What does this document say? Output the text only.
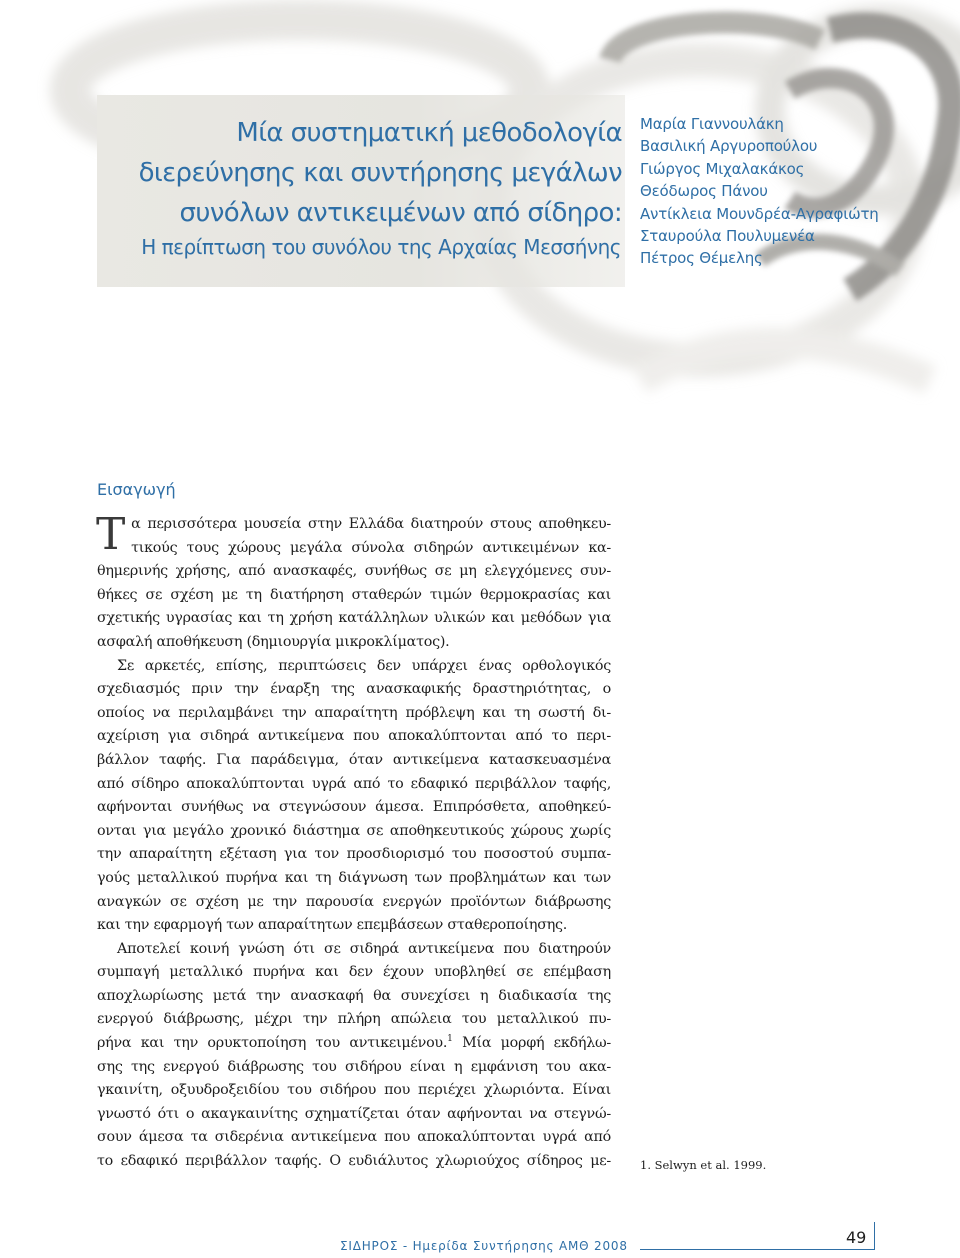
Μία συστηματική μεθοδολογία
διερεύνησης και συντήρησης μεγάλων
συνόλων αντικειμένων από σίδηρο:
Η περίπτωση του συνόλου της Αρχαίας Μεσσήνης
Μαρία Γιαννουλάκη
Βασιλική Αργυροπούλου
Γιώργος Μιχαλακάκος
Θεόδωρος Πάνου
Αντίκλεια Μουνδρέα-Αγραφιώτη
Σταυρούλα Πουλυμενέα
Πέτρος Θέμελης
Εισαγωγή
Τ α περισσότερα μουσεία στην Ελλάδα διατηρούν στους αποθηκευ-
τικούς τους χώρους μεγάλα σύνολα σιδηρών αντικειμένων κα-
θημερινής χρήσης, από ανασκαφές, συνήθως σε μη ελεγχόμενες συν-
θήκες σε σχέση με τη διατήρηση σταθερών τιμών θερμοκρασίας και
σχετικής υγρασίας και τη χρήση κατάλληλων υλικών και μεθόδων για
ασφαλή αποθήκευση (δημιουργία μικροκλίματος).
Σε αρκετές, επίσης, περιπτώσεις δεν υπάρχει ένας ορθολογικός
σχεδιασμός πριν την έναρξη της ανασκαφικής δραστηριότητας, ο
οποίος να περιλαμβάνει την απαραίτητη πρόβλεψη και τη σωστή δι-
αχείριση για σιδηρά αντικείμενα που αποκαλύπτονται από το περι-
βάλλον ταφής. Για παράδειγμα, όταν αντικείμενα κατασκευασμένα
από σίδηρο αποκαλύπτονται υγρά από το εδαφικό περιβάλλον ταφής,
αφήνονται συνήθως να στεγνώσουν άμεσα. Επιπρόσθετα, αποθηκεύ-
ονται για μεγάλο χρονικό διάστημα σε αποθηκευτικούς χώρους χωρίς
την απαραίτητη εξέταση για τον προσδιορισμό του ποσοστού συμπα-
γούς μεταλλικού πυρήνα και τη διάγνωση των προβλημάτων και των
αναγκών σε σχέση με την παρουσία ενεργών προϊόντων διάβρωσης
και την εφαρμογή των απαραίτητων επεμβάσεων σταθεροποίησης.
Αποτελεί κοινή γνώση ότι σε σιδηρά αντικείμενα που διατηρούν
συμπαγή μεταλλικό πυρήνα και δεν έχουν υποβληθεί σε επέμβαση
αποχλωρίωσης μετά την ανασκαφή θα συνεχίσει η διαδικασία της
ενεργού διάβρωσης, μέχρι την πλήρη απώλεια του μεταλλικού πυ-
ρήνα και την ορυκτοποίηση του αντικειμένου.$^1$ Μία μορφή εκδήλω-
σης της ενεργού διάβρωσης του σιδήρου είναι η εμφάνιση του ακα-
γκαινίτη, οξυυδροξειδίου του σιδήρου που περιέχει χλωριόντα. Είναι
γνωστό ότι ο ακαγκαινίτης σχηματίζεται όταν αφήνονται να στεγνώ-
σουν άμεσα τα σιδερένια αντικείμενα που αποκαλύπτονται υγρά από
το εδαφικό περιβάλλον ταφής. Ο ευδιάλυτος χλωριούχος σίδηρος με-	1. Selwyn et al. 1999.
ΣΙΔΗΡΟΣ - Ημερίδα Συντήρησης ΑΜΘ 2008	49
